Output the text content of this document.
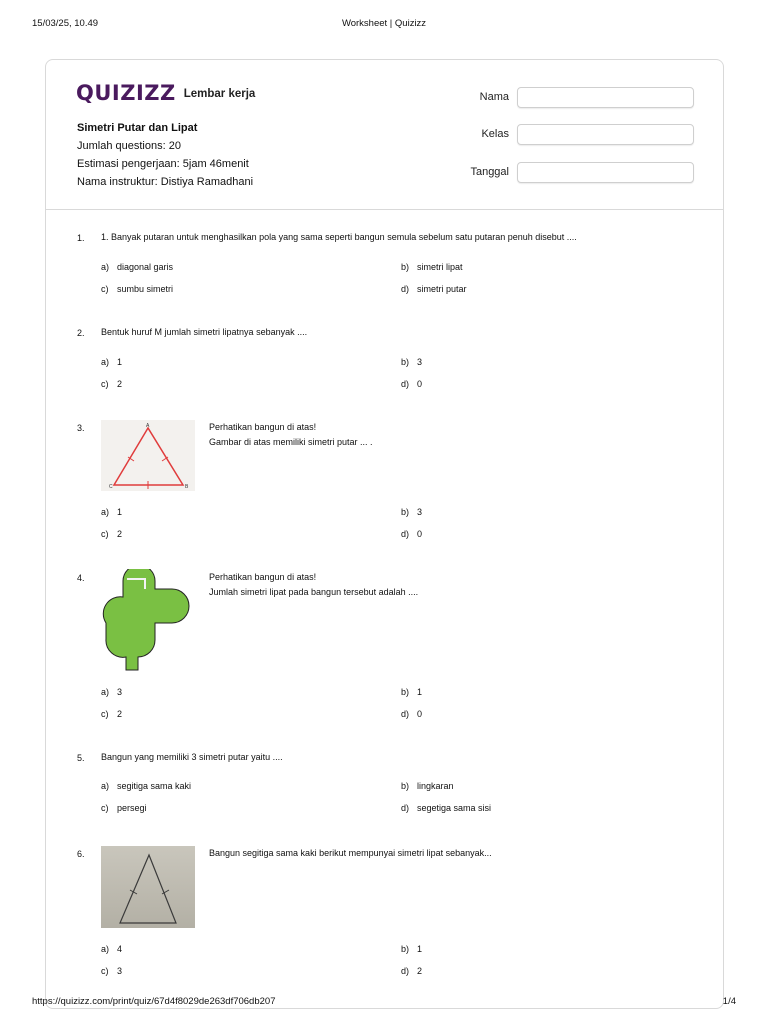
15/03/25, 10.49	Worksheet | Quizizz
QUIZIZZ Lembar kerja
Simetri Putar dan Lipat
Jumlah questions: 20
Estimasi pengerjaan: 5jam 46menit
Nama instruktur: Distiya Ramadhani
Nama
Kelas
Tanggal
1. 1. Banyak putaran untuk menghasilkan pola yang sama seperti bangun semula sebelum satu putaran penuh disebut ....
a) diagonal garis	b) simetri lipat
c) sumbu simetri	d) simetri putar
2. Bentuk huruf M jumlah simetri lipatnya sebanyak ....
a) 1	b) 3
c) 2	d) 0
3.	A
C	B
Perhatikan bangun di atas!
Gambar di atas memiliki simetri putar ... .
a) 1	b) 3
c) 2	d) 0
4.	Perhatikan bangun di atas!
Jumlah simetri lipat pada bangun tersebut adalah ....
a) 3	b) 1
c) 2	d) 0
5. Bangun yang memiliki 3 simetri putar yaitu ....
a) segitiga sama kaki	b) lingkaran
c) persegi	d) segetiga sama sisi
6.	Bangun segitiga sama kaki berikut mempunyai simetri lipat sebanyak...
a) 4	b) 1
c) 3	d) 2
https://quizizz.com/print/quiz/67d4f8029de263df706db207	1/4
